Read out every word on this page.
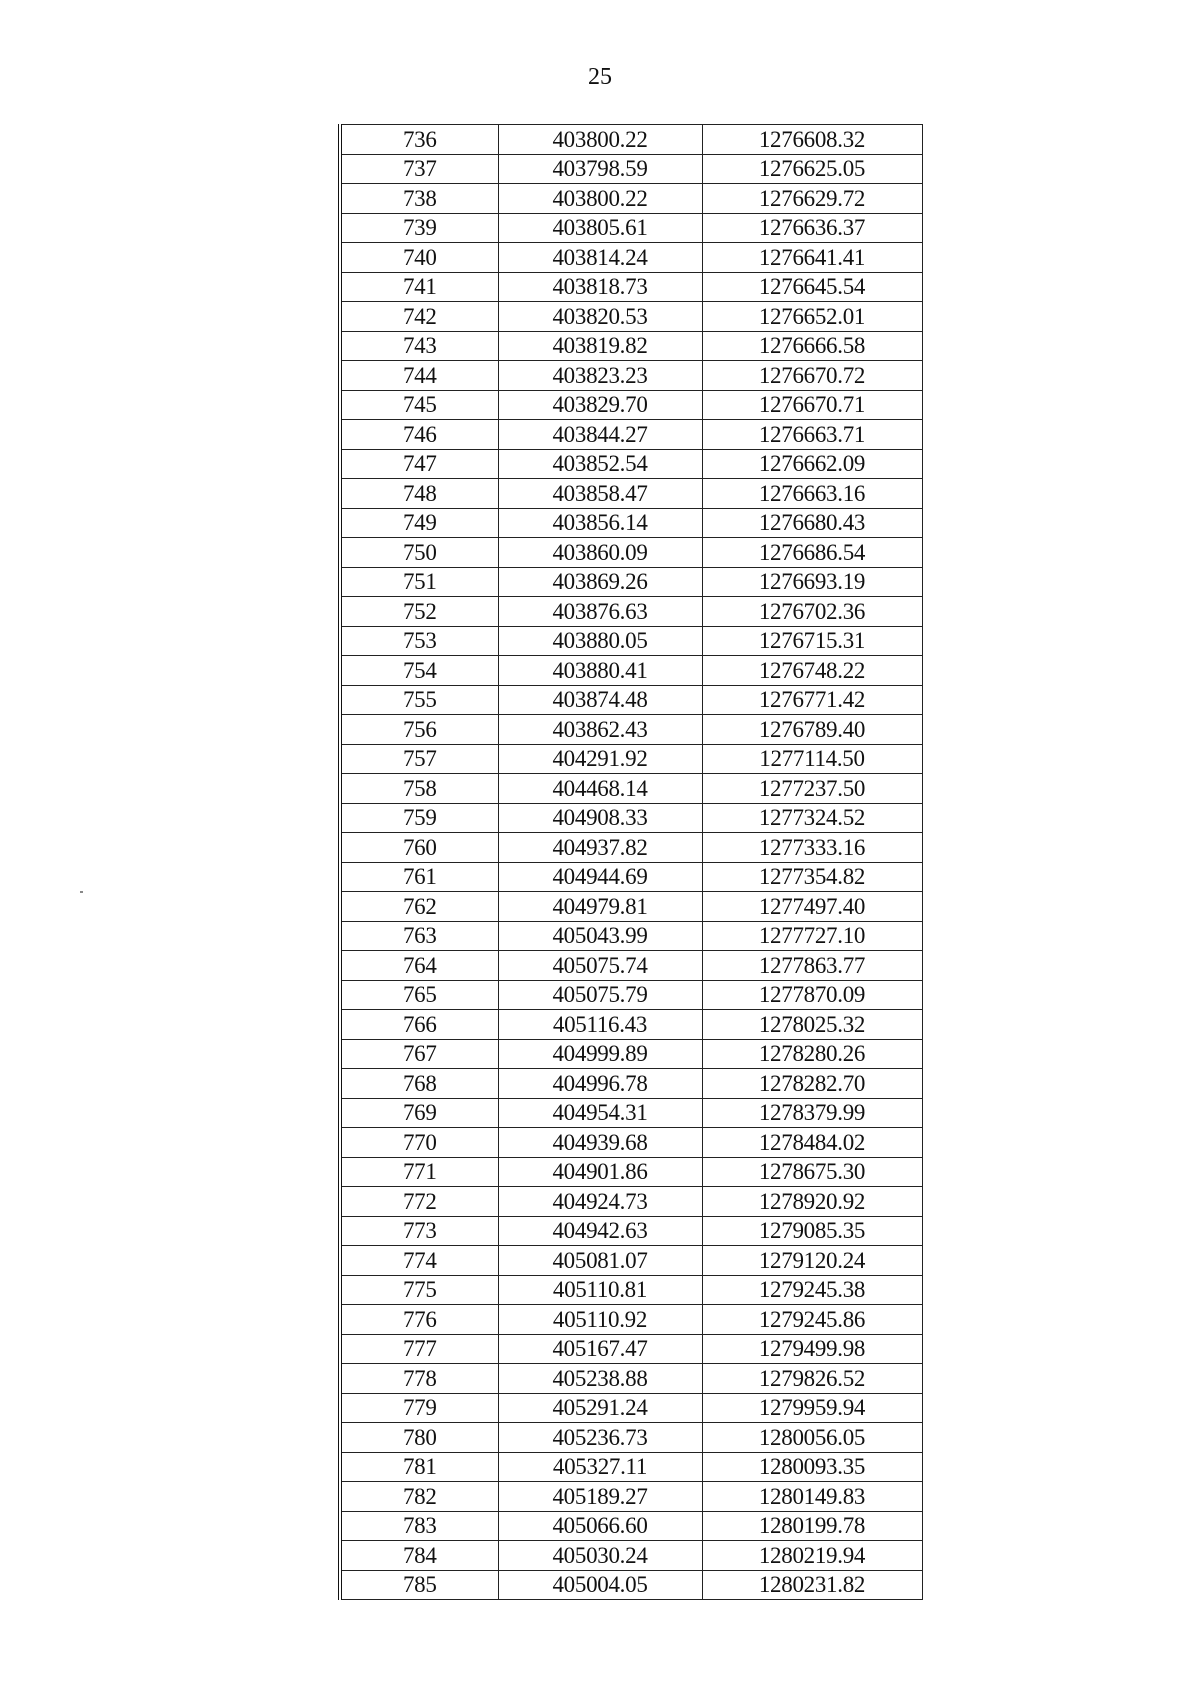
25
736	403800.22	1276608.32
737	403798.59	1276625.05
738	403800.22	1276629.72
739	403805.61	1276636.37
740	403814.24	1276641.41
741	403818.73	1276645.54
742	403820.53	1276652.01
743	403819.82	1276666.58
744	403823.23	1276670.72
745	403829.70	1276670.71
746	403844.27	1276663.71
747	403852.54	1276662.09
748	403858.47	1276663.16
749	403856.14	1276680.43
750	403860.09	1276686.54
751	403869.26	1276693.19
752	403876.63	1276702.36
753	403880.05	1276715.31
754	403880.41	1276748.22
755	403874.48	1276771.42
756	403862.43	1276789.40
757	404291.92	1277114.50
758	404468.14	1277237.50
759	404908.33	1277324.52
760	404937.82	1277333.16
761	404944.69	1277354.82
762	404979.81	1277497.40
763	405043.99	1277727.10
764	405075.74	1277863.77
765	405075.79	1277870.09
766	405116.43	1278025.32
767	404999.89	1278280.26
768	404996.78	1278282.70
769	404954.31	1278379.99
770	404939.68	1278484.02
771	404901.86	1278675.30
772	404924.73	1278920.92
773	404942.63	1279085.35
774	405081.07	1279120.24
775	405110.81	1279245.38
776	405110.92	1279245.86
777	405167.47	1279499.98
778	405238.88	1279826.52
779	405291.24	1279959.94
780	405236.73	1280056.05
781	405327.11	1280093.35
782	405189.27	1280149.83
783	405066.60	1280199.78
784	405030.24	1280219.94
785	405004.05	1280231.82
